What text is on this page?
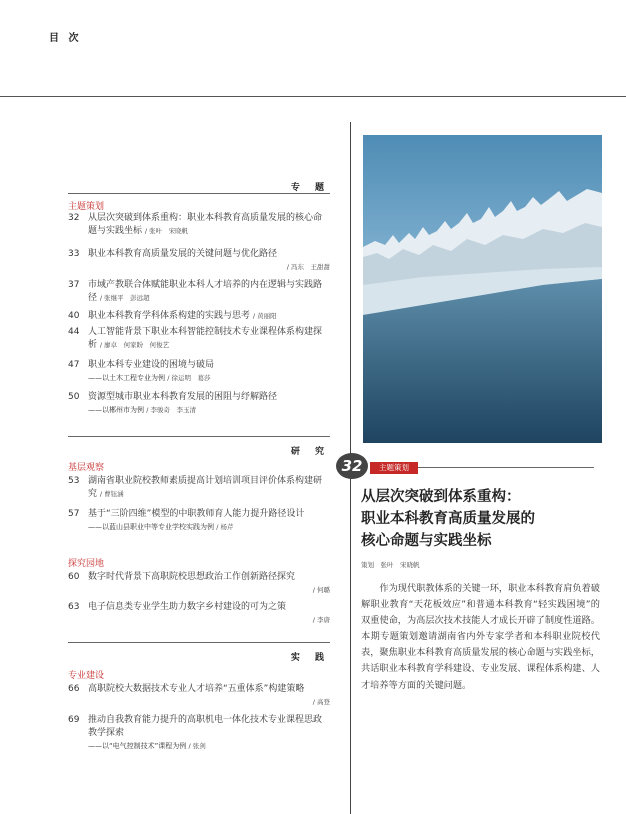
目 次
专 题
主题策划
32 从层次突破到体系重构：职业本科教育高质量发展的核心命题与实践坐标 / 张叶　宋晓帆
33 职业本科教育高质量发展的关键问题与优化路径
/ 冯东　王甜甜
37 市域产教联合体赋能职业本科人才培养的内在逻辑与实践路径 / 张继平　彭远超
40 职业本科教育学科体系构建的实践与思考 / 黄丽阳
44 人工智能背景下职业本科智能控制技术专业课程体系构建探析 / 廖卓　何家盼　何俊艺
47 职业本科专业建设的困境与破局
——以土木工程专业为例 / 徐运明　葛莎
50 资源型城市职业本科教育发展的困阻与纾解路径
——以郴州市为例 / 李骏奇　李玉清
研 究
基层观察
53 湖南省职业院校教师素质提高计划培训项目评价体系构建研究 / 曹钰涵
57 基于“三阶四维”模型的中职教师育人能力提升路径设计
——以蓝山县职业中等专业学校实践为例 / 杨芹
探究园地
60 数字时代背景下高职院校思想政治工作创新路径探究
/ 何璐
63 电子信息类专业学生助力数字乡村建设的可为之策
/ 李唐
实 践
专业建设
66 高职院校大数据技术专业人才培养“五重体系”构建策略
/ 高登
69 推动自我教育能力提升的高职机电一体化技术专业课程思政教学探索
——以“电气控制技术”课程为例 / 张剑
32	主题策划
从层次突破到体系重构：
职业本科教育高质量发展的
核心命题与实践坐标
策划　张叶　宋晓帆
作为现代职教体系的关键一环，职业本科教育肩负着破解职业教育“天花板效应”和普通本科教育“轻实践困境”的双重使命，为高层次技术技能人才成长开辟了制度性道路。本期专题策划邀请湖南省内外专家学者和本科职业院校代表，聚焦职业本科教育高质量发展的核心命题与实践坐标，共话职业本科教育学科建设、专业发展、课程体系构建、人才培养等方面的关键问题。
